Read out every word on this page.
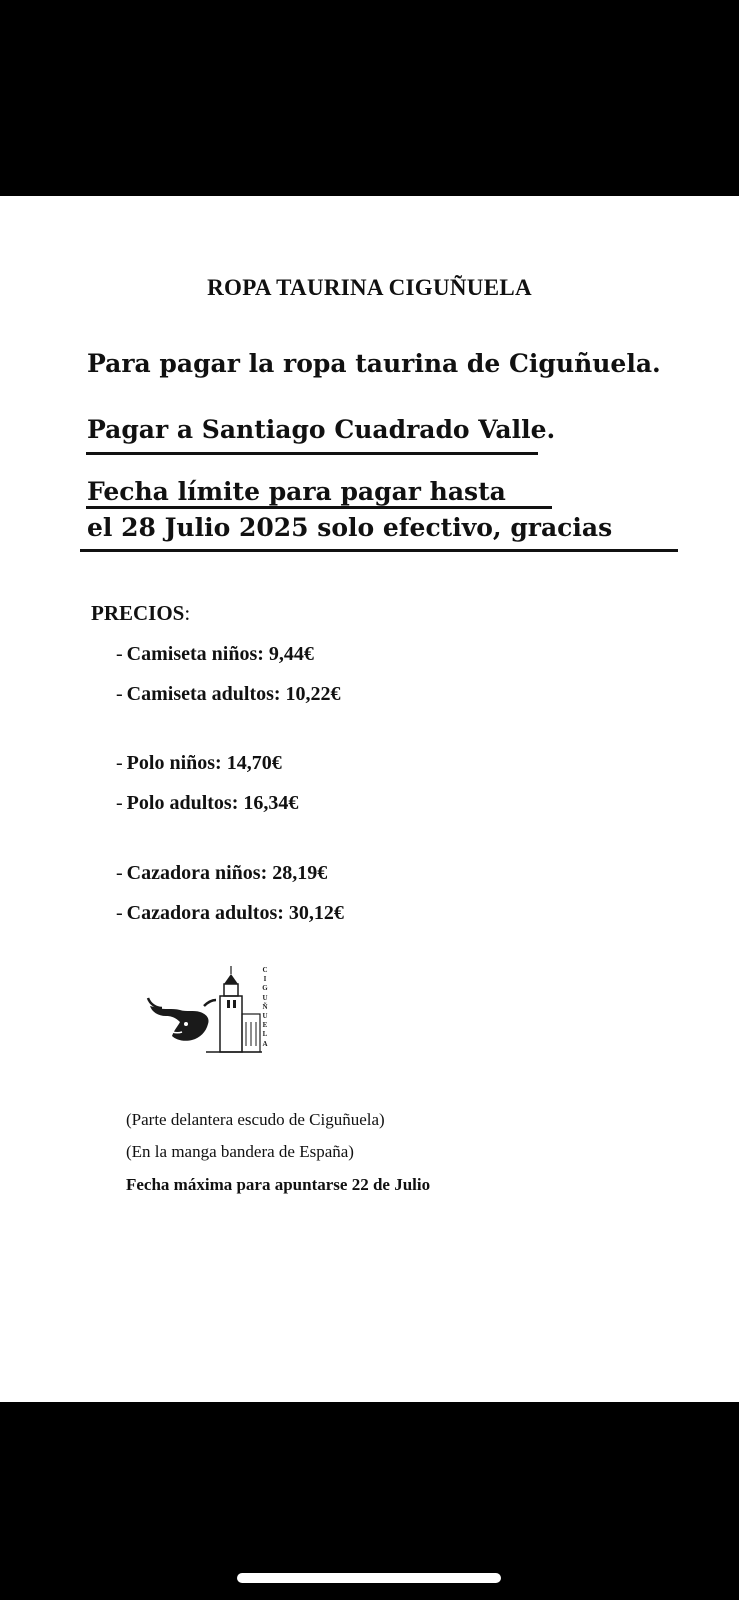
ROPA TAURINA CIGUÑUELA

Para pagar la ropa taurina de Ciguñuela.

Pagar a Santiago Cuadrado Valle.

Fecha límite para pagar hasta

el 28 Julio 2025 solo efectivo, gracias

PRECIOS:

- Camiseta niños: 9,44€

- Camiseta adultos: 10,22€

- Polo niños: 14,70€

- Polo adultos: 16,34€

- Cazadora niños: 28,19€

- Cazadora adultos: 30,12€

C
I
G
U
Ñ
U
E
L
A

(Parte delantera escudo de Ciguñuela)

(En la manga bandera de España)

Fecha máxima para apuntarse 22 de Julio
